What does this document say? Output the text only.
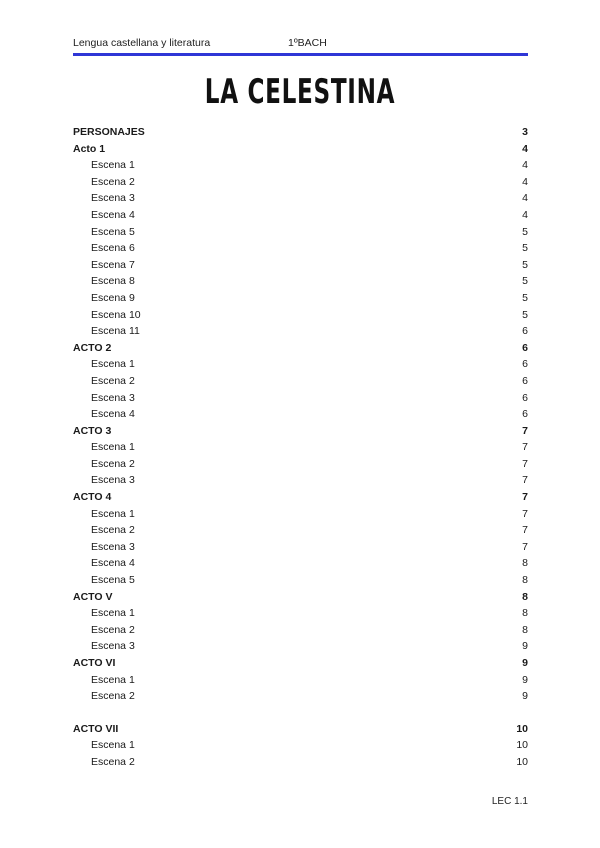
Lengua castellana y literatura	1ºBACH
LA CELESTINA
PERSONAJES	3
Acto 1	4
Escena 1	4
Escena 2	4
Escena 3	4
Escena 4	4
Escena 5	5
Escena 6	5
Escena 7	5
Escena 8	5
Escena 9	5
Escena 10	5
Escena 11	6
ACTO 2	6
Escena 1	6
Escena 2	6
Escena 3	6
Escena 4	6
ACTO 3	7
Escena 1	7
Escena 2	7
Escena 3	7
ACTO 4	7
Escena 1	7
Escena 2	7
Escena 3	7
Escena 4	8
Escena 5	8
ACTO V	8
Escena 1	8
Escena 2	8
Escena 3	9
ACTO VI	9
Escena 1	9
Escena 2	9
ACTO VII	10
Escena 1	10
Escena 2	10
LEC 1.1
